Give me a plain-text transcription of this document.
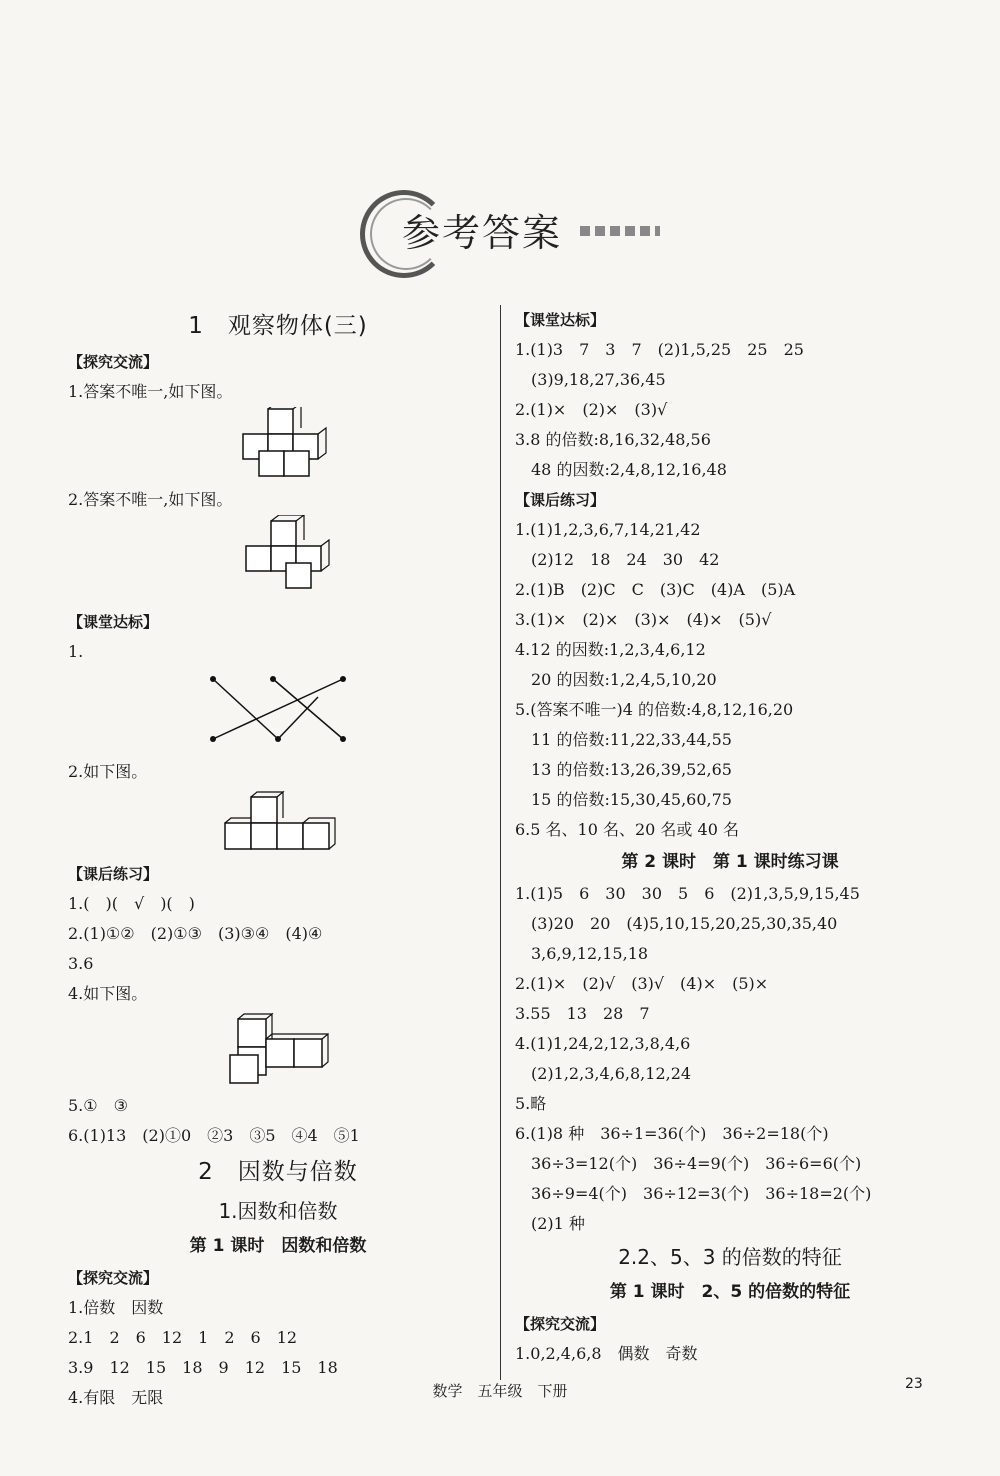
参考答案
1　观察物体(三)
【探究交流】
1.答案不唯一,如下图。
2.答案不唯一,如下图。
【课堂达标】
1.
2.如下图。
【课后练习】
1.(　)(　√　)(　)
2.(1)①②　(2)①③　(3)③④　(4)④
3.6
4.如下图。
5.①　③
6.(1)13　(2)①0　②3　③5　④4　⑤1
2　因数与倍数
1.因数和倍数
第 1 课时　因数和倍数
【探究交流】
1.倍数　因数
2.1　2　6　12　1　2　6　12
3.9　12　15　18　9　12　15　18
4.有限　无限
【课堂达标】
1.(1)3　7　3　7　(2)1,5,25　25　25
(3)9,18,27,36,45
2.(1)×　(2)×　(3)√
3.8 的倍数:8,16,32,48,56
48 的因数:2,4,8,12,16,48
【课后练习】
1.(1)1,2,3,6,7,14,21,42
(2)12　18　24　30　42
2.(1)B　(2)C　C　(3)C　(4)A　(5)A
3.(1)×　(2)×　(3)×　(4)×　(5)√
4.12 的因数:1,2,3,4,6,12
20 的因数:1,2,4,5,10,20
5.(答案不唯一)4 的倍数:4,8,12,16,20
11 的倍数:11,22,33,44,55
13 的倍数:13,26,39,52,65
15 的倍数:15,30,45,60,75
6.5 名、10 名、20 名或 40 名
第 2 课时　第 1 课时练习课
1.(1)5　6　30　30　5　6　(2)1,3,5,9,15,45
(3)20　20　(4)5,10,15,20,25,30,35,40
3,6,9,12,15,18
2.(1)×　(2)√　(3)√　(4)×　(5)×
3.55　13　28　7
4.(1)1,24,2,12,3,8,4,6
(2)1,2,3,4,6,8,12,24
5.略
6.(1)8 种　36÷1=36(个)　36÷2=18(个)
36÷3=12(个)　36÷4=9(个)　36÷6=6(个)
36÷9=4(个)　36÷12=3(个)　36÷18=2(个)
(2)1 种
2.2、5、3 的倍数的特征
第 1 课时　2、5 的倍数的特征
【探究交流】
1.0,2,4,6,8　偶数　奇数
数学　五年级　下册	23
